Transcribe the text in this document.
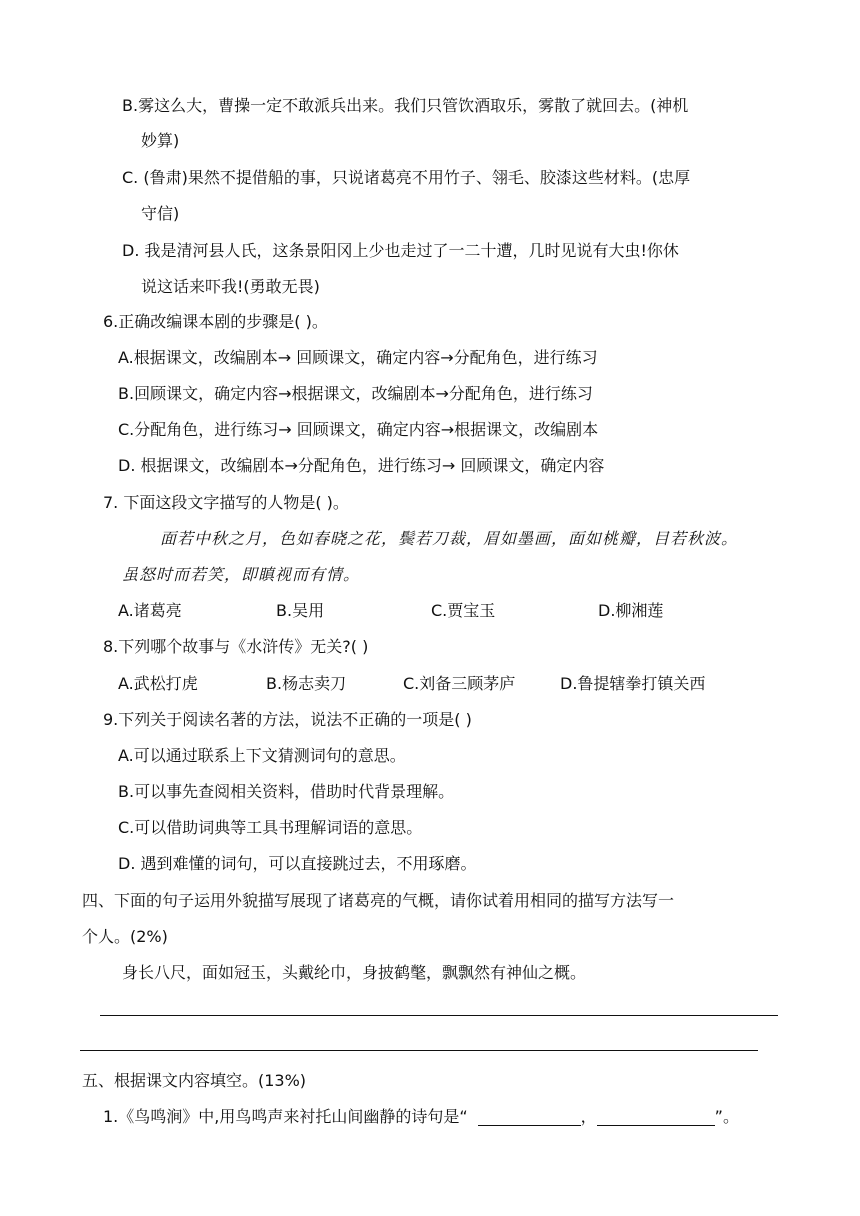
B.雾这么大，曹操一定不敢派兵出来。我们只管饮酒取乐，雾散了就回去。(神机
妙算)
C. (鲁肃)果然不提借船的事，只说诸葛亮不用竹子、翎毛、胶漆这些材料。(忠厚
守信)
D. 我是清河县人氏，这条景阳冈上少也走过了一二十遭，几时见说有大虫!你休
说这话来吓我!(勇敢无畏)
6.正确改编课本剧的步骤是( )。
A.根据课文，改编剧本→ 回顾课文，确定内容→分配角色，进行练习
B.回顾课文，确定内容→根据课文，改编剧本→分配角色，进行练习
C.分配角色，进行练习→ 回顾课文，确定内容→根据课文，改编剧本
D. 根据课文，改编剧本→分配角色，进行练习→ 回顾课文，确定内容
7. 下面这段文字描写的人物是( )。
面若中秋之月，色如春晓之花，鬓若刀裁，眉如墨画，面如桃瓣，目若秋波。
虽怒时而若笑，即瞋视而有情。
A.诸葛亮	B.吴用	C.贾宝玉	D.柳湘莲
8.下列哪个故事与《水浒传》无关?( )
A.武松打虎	B.杨志卖刀	C.刘备三顾茅庐	D.鲁提辖拳打镇关西
9.下列关于阅读名著的方法，说法不正确的一项是( )
A.可以通过联系上下文猜测词句的意思。
B.可以事先查阅相关资料，借助时代背景理解。
C.可以借助词典等工具书理解词语的意思。
D. 遇到难懂的词句，可以直接跳过去，不用琢磨。
四、下面的句子运用外貌描写展现了诸葛亮的气概，请你试着用相同的描写方法写一
个人。(2%)
身长八尺，面如冠玉，头戴纶巾，身披鹤氅，飘飘然有神仙之概。
五、根据课文内容填空。(13%)
1.《鸟鸣涧》中,用鸟鸣声来衬托山间幽静的诗句是“	，	”。
